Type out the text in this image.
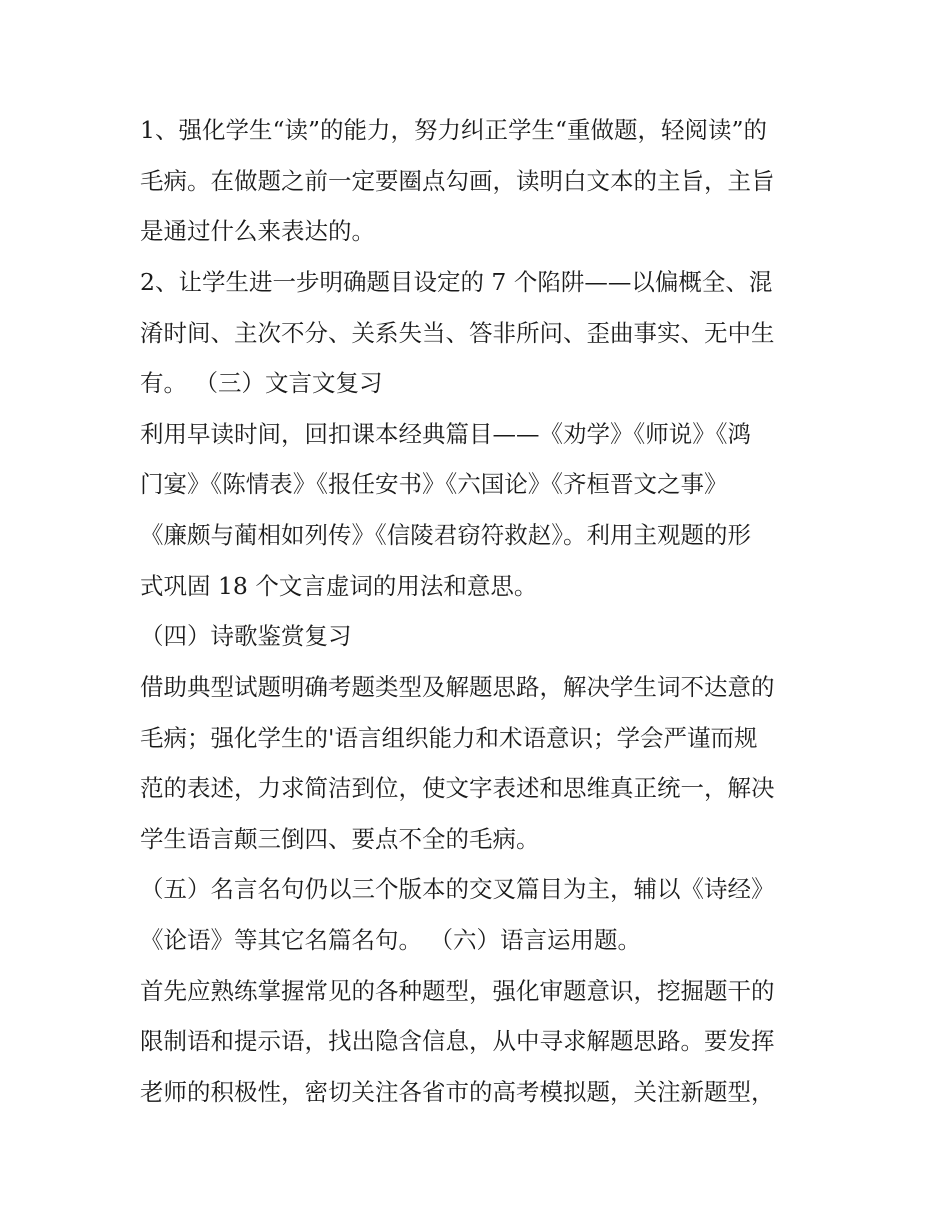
1、强化学生“读”的能力，努力纠正学生“重做题，轻阅读”的
毛病。在做题之前一定要圈点勾画，读明白文本的主旨，主旨
是通过什么来表达的。
2、让学生进一步明确题目设定的 7 个陷阱——以偏概全、混
淆时间、主次不分、关系失当、答非所问、歪曲事实、无中生
有。 （三）文言文复习
利用早读时间，回扣课本经典篇目——《劝学》《师说》《鸿
门宴》《陈情表》《报任安书》《六国论》《齐桓晋文之事》
《廉颇与蔺相如列传》《信陵君窃符救赵》。利用主观题的形
式巩固 18 个文言虚词的用法和意思。
（四）诗歌鉴赏复习
借助典型试题明确考题类型及解题思路，解决学生词不达意的
毛病；强化学生的'语言组织能力和术语意识；学会严谨而规
范的表述，力求简洁到位，使文字表述和思维真正统一，解决
学生语言颠三倒四、要点不全的毛病。
（五）名言名句仍以三个版本的交叉篇目为主，辅以《诗经》
《论语》等其它名篇名句。 （六）语言运用题。
首先应熟练掌握常见的各种题型，强化审题意识，挖掘题干的
限制语和提示语，找出隐含信息，从中寻求解题思路。要发挥
老师的积极性，密切关注各省市的高考模拟题，关注新题型，
